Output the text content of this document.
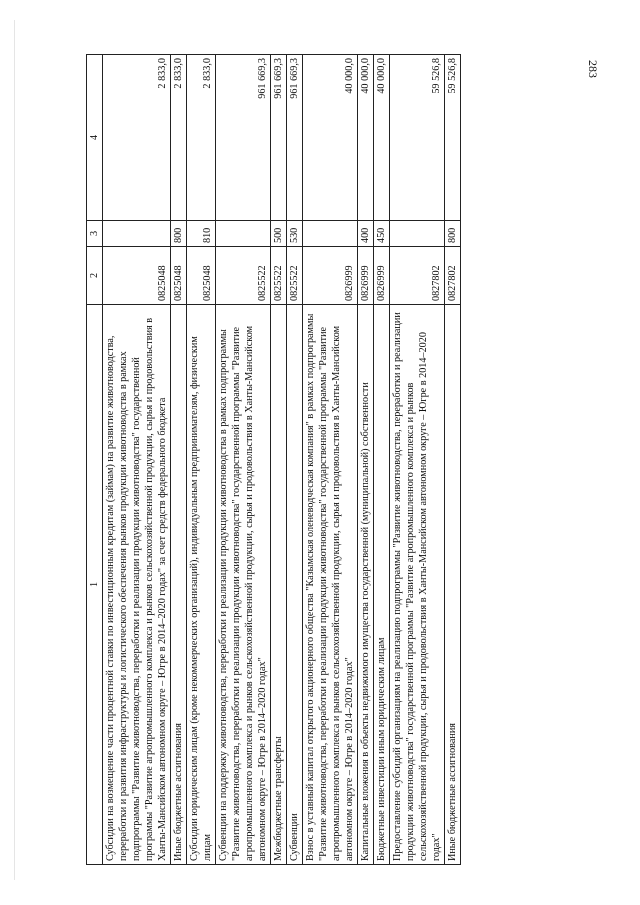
283
1	2	3	4
Субсидии на возмещение части процентной ставки по инвестиционным кредитам (займам) на развитие животноводства, переработки и развития инфраструктуры и логистического обеспечения рынков продукции животноводства в рамках подпрограммы "Развитие животноводства, переработки и реализации продукции животноводства" государственной программы "Развитие агропромышленного комплекса и рынков сельскохозяйственной продукции, сырья и продовольствия в Ханты-Мансийском автономном округе – Югре в 2014–2020 годах" за счет средств федерального бюджета	0825048		2 833,0
Иные бюджетные ассигнования	0825048	800	2 833,0
Субсидии юридическим лицам (кроме некоммерческих организаций), индивидуальным предпринимателям, физическим лицам	0825048	810	2 833,0
Субвенции на поддержку животноводства, переработки и реализации продукции животноводства в рамках подпрограммы "Развитие животноводства, переработки и реализации продукции животноводства" государственной программы "Развитие агропромышленного комплекса и рынков сельскохозяйственной продукции, сырья и продовольствия в Ханты-Мансийском автономном округе – Югре в 2014–2020 годах"	0825522		961 669,3
Межбюджетные трансферты	0825522	500	961 669,3
Субвенции	0825522	530	961 669,3
Взнос в уставный капитал открытого акционерного общества "Казымская оленеводческая компания" в рамках подпрограммы "Развитие животноводства, переработки и реализации продукции животноводства" государственной программы "Развитие агропромышленного комплекса и рынков сельскохозяйственной продукции, сырья и продовольствия в Ханты-Мансийском автономном округе – Югре в 2014–2020 годах"	0826999		40 000,0
Капитальные вложения в объекты недвижимого имущества государственной (муниципальной) собственности	0826999	400	40 000,0
Бюджетные инвестиции иным юридическим лицам	0826999	450	40 000,0
Предоставление субсидий организациям на реализацию подпрограммы "Развитие животноводства, переработки и реализации продукции животноводства" государственной программы "Развитие агропромышленного комплекса и рынков сельскохозяйственной продукции, сырья и продовольствия в Ханты-Мансийском автономном округе – Югре в 2014–2020 годах"	0827802		59 526,8
Иные бюджетные ассигнования	0827802	800	59 526,8
